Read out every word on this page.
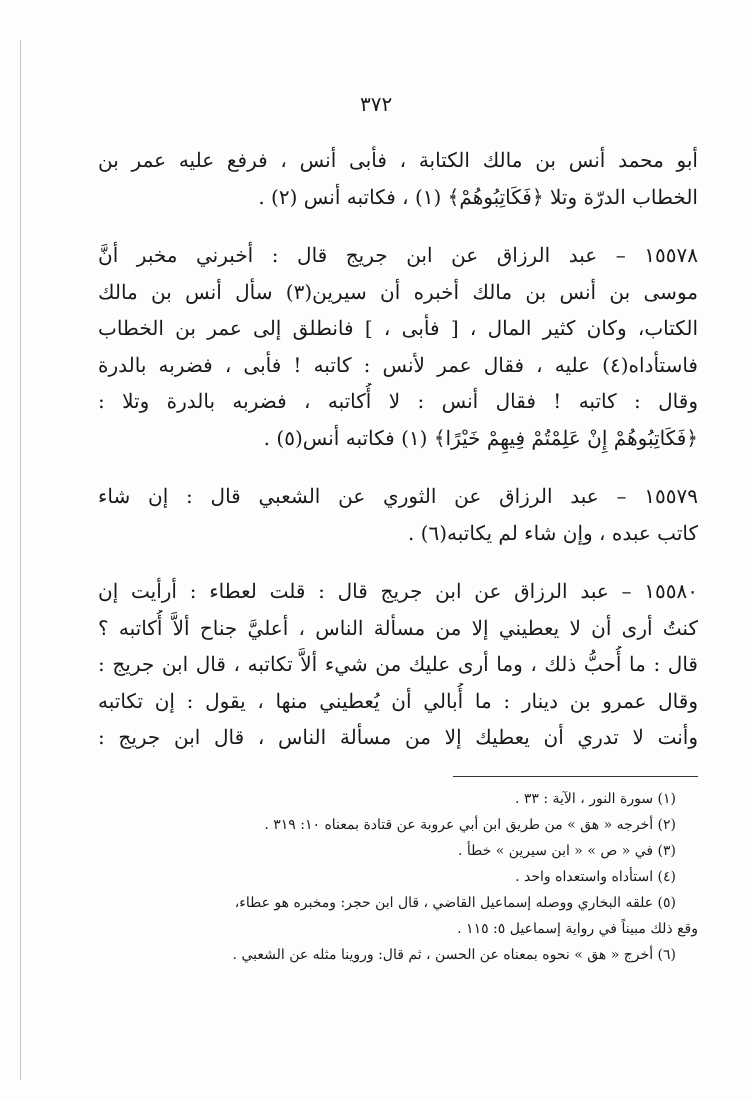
٣٧٢
أبو محمد أنس بن مالك الكتابة ، فأبى أنس ، فرفع عليه عمر بن
الخطاب الدرّة وتلا ﴿فَكَاتِبُوهُمْ﴾ (١) ، فكاتبه أنس (٢) .
١٥٥٧٨ – عبد الرزاق عن ابن جريج قال : أخبرني مخبر أنَّ
موسى بن أنس بن مالك أخبره أن سيرين(٣) سأل أنس بن مالك
الكتاب، وكان كثير المال ، [ فأبى ، ] فانطلق إلى عمر بن الخطاب
فاستأداه(٤) عليه ، فقال عمر لأنس : كاتبه ! فأبى ، فضربه بالدرة
وقال : كاتبه ! فقال أنس : لا أُكاتبه ، فضربه بالدرة وتلا :
﴿فَكَاتِبُوهُمْ إِنْ عَلِمْتُمْ فِيهِمْ خَيْرًا﴾ (١) فكاتبه أنس(٥) .
١٥٥٧٩ – عبد الرزاق عن الثوري عن الشعبي قال : إن شاء
كاتب عبده ، وإن شاء لم يكاتبه(٦) .
١٥٥٨٠ – عبد الرزاق عن ابن جريج قال : قلت لعطاء : أرأيت إن
كنتُ أرى أن لا يعطيني إلا من مسألة الناس ، أعليَّ جناح ألاَّ أُكاتبه ؟
قال : ما أُحبُّ ذلك ، وما أرى عليك من شيء ألاَّ تكاتبه ، قال ابن جريج :
وقال عمرو بن دينار : ما أُبالي أن يُعطيني منها ، يقول : إن تكاتبه
وأنت لا تدري أن يعطيك إلا من مسألة الناس ، قال ابن جريج :
(١) سورة النور ، الآية : ٣٣ .
(٢) أخرجه « هق » من طريق ابن أبي عروبة عن قتادة بمعناه ١٠: ٣١٩ .
(٣) في « ص » « ابن سيرين » خطأ .
(٤) استأداه واستعداه واحد .
(٥) علقه البخاري ووصله إسماعيل القاضي ، قال ابن حجر: ومخبره هو عطاء،
وقع ذلك مبيناً في رواية إسماعيل ٥: ١١٥ .
(٦) أخرج « هق » نحوه بمعناه عن الحسن ، ثم قال: وروينا مثله عن الشعبي .
